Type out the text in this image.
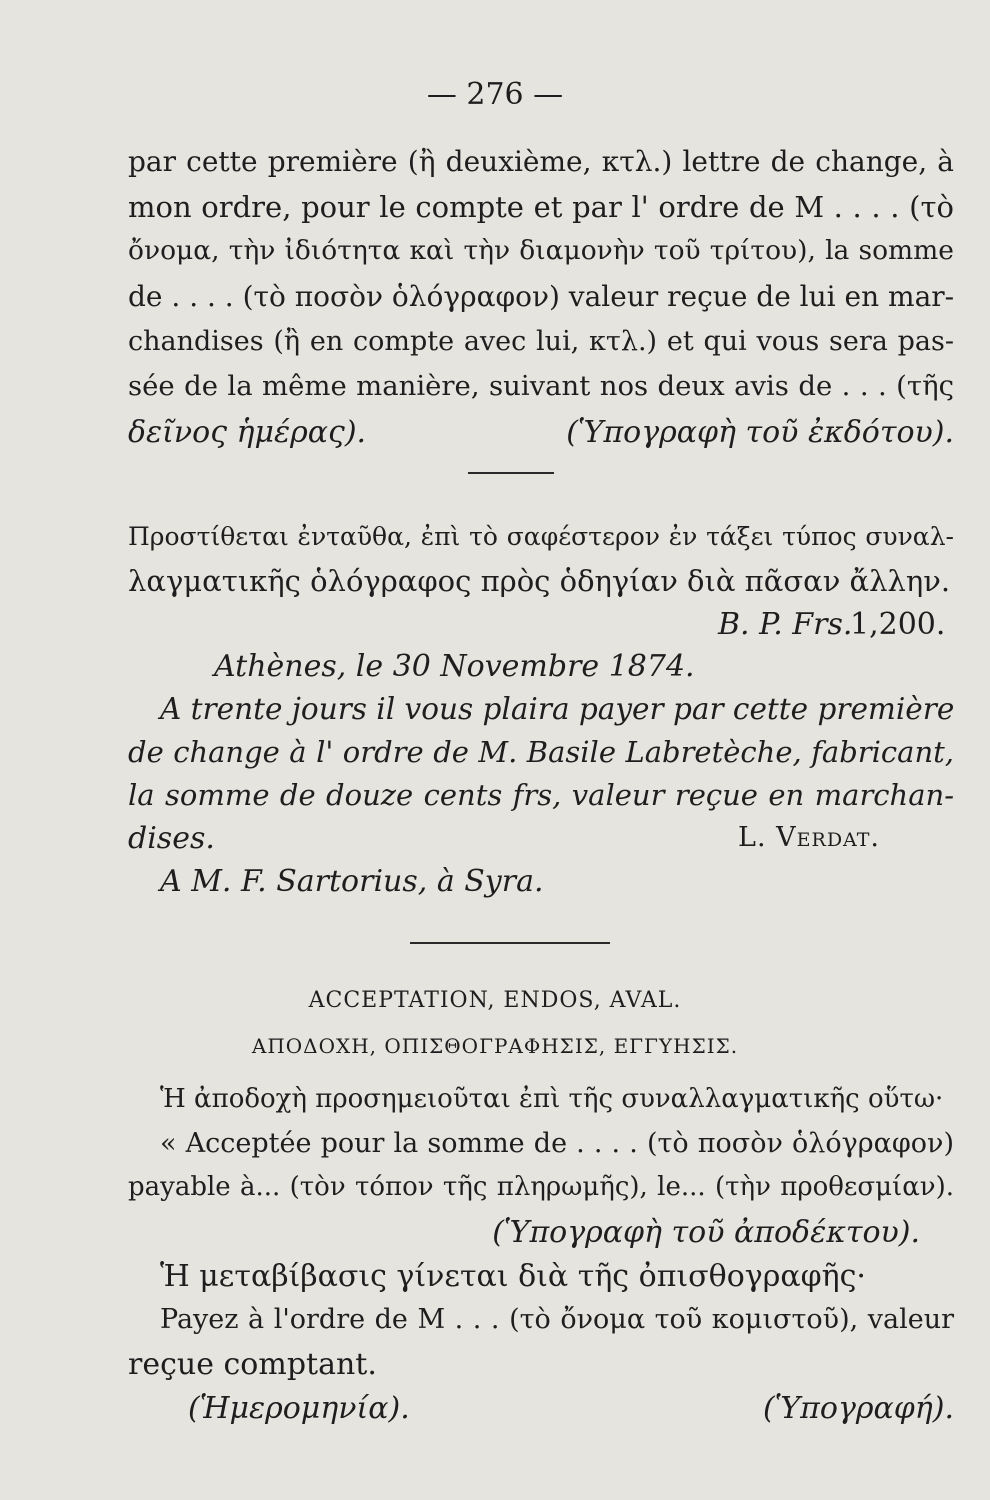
— 276 —
par cette première (ἢ deuxième, κτλ.) lettre de change, à
mon ordre, pour le compte et par l' ordre de M . . . . (τὸ
ὄνομα, τὴν ἰδιότητα καὶ τὴν διαμονὴν τοῦ τρίτου), la somme
de . . . . (τὸ ποσὸν ὁλόγραφον) valeur reçue de lui en mar-
chandises (ἢ en compte avec lui, κτλ.) et qui vous sera pas-
sée de la même manière, suivant nos deux avis de . . . (τῆς
δεῖνος ἡμέρας).	(Ὑπογραφὴ τοῦ ἐκδότου).
Προστίθεται ἐνταῦθα, ἐπὶ τὸ σαφέστερον ἐν τάξει τύπος συναλ-
λαγματικῆς ὁλόγραφος πρὸς ὁδηγίαν διὰ πᾶσαν ἄλλην.
B. P. Frs.
1,200.
Athènes, le 30 Novembre 1874.
A trente jours il vous plaira payer par cette première
de change à l' ordre de M. Basile Labretèche, fabricant,
la somme de douze cents frs, valeur reçue en marchan-
dises.	L. Verdat.
A M. F. Sartorius, à Syra.
ACCEPTATION, ENDOS, AVAL.
ΑΠΟΔΟΧΗ, ΟΠΙΣΘΟΓΡΑΦΗΣΙΣ, ΕΓΓΥΗΣΙΣ.
Ἡ ἀποδοχὴ προσημειοῦται ἐπὶ τῆς συναλλαγματικῆς οὕτω·
« Acceptée pour la somme de . . . . (τὸ ποσὸν ὁλόγραφον)
payable à... (τὸν τόπον τῆς πληρωμῆς), le... (τὴν προθεσμίαν).
(Ὑπογραφὴ τοῦ ἀποδέκτου).
Ἡ μεταβίβασις γίνεται διὰ τῆς ὀπισθογραφῆς·
Payez à l'ordre de M . . . (τὸ ὄνομα τοῦ κομιστοῦ), valeur
reçue comptant.
(Ἡμερομηνία).	(Ὑπογραφή).
